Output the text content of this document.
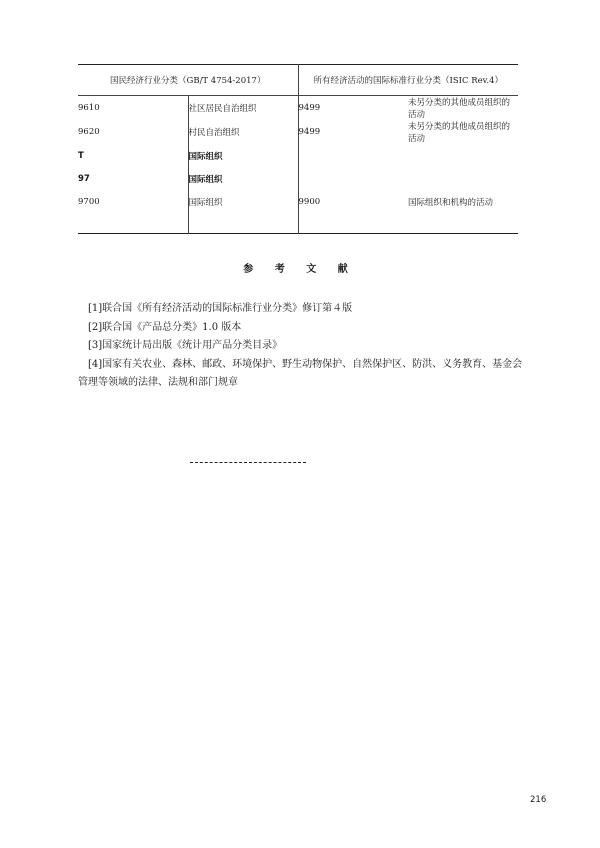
国民经济行业分类（GB/T 4754-2017）		所有经济活动的国际标准行业分类（ISIC Rev.4）	
9610	社区居民自治组织	9499	未另分类的其他成员组织的活动
9620	村民自治组织	9499	未另分类的其他成员组织的活动
T	国际组织		
97	国际组织		
9700	国际组织	9900	国际组织和机构的活动

参 考 文 献

[1]联合国《所有经济活动的国际标准行业分类》修订第４版

[2]联合国《产品总分类》1.0 版本

[3]国家统计局出版《统计用产品分类目录》

[4]国家有关农业、森林、邮政、环境保护、野生动物保护、自然保护区、防洪、义务教育、基金会管理等领域的法律、法规和部门规章

216
